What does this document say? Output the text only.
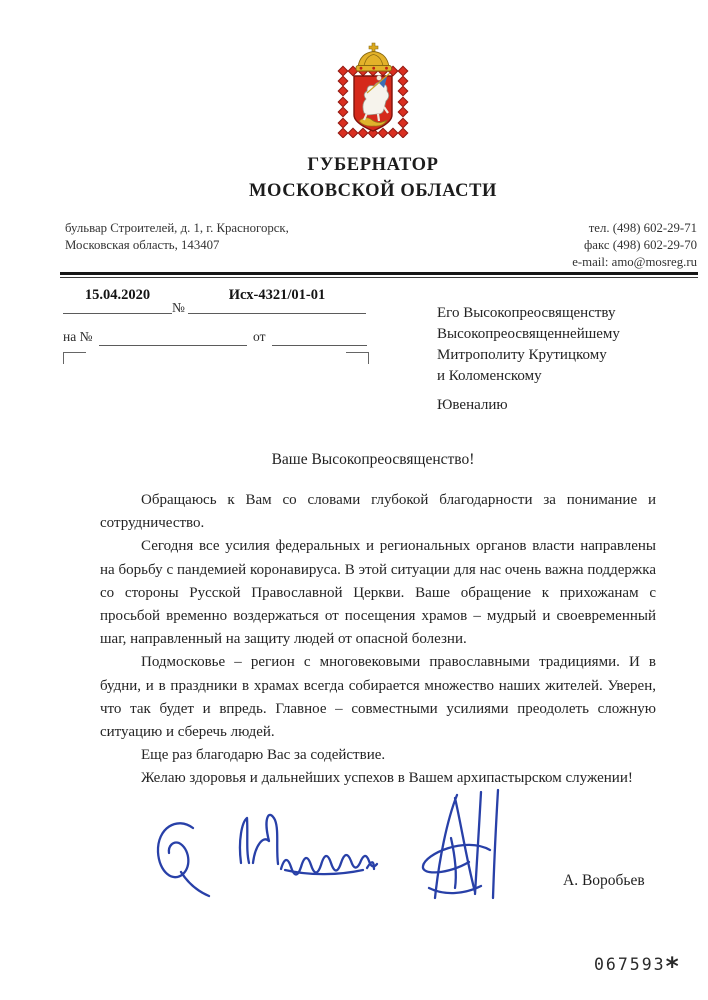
ГУБЕРНАТОР
МОСКОВСКОЙ ОБЛАСТИ
бульвар Строителей, д. 1, г. Красногорск,
Московская область, 143407
тел. (498) 602-29-71
факс (498) 602-29-70
e-mail: amo@mosreg.ru
15.04.2020	Исх-4321/01-01
№
на №	от
Его Высокопреосвященству
Высокопреосвященнейшему
Митрополиту Крутицкому
и Коломенскому
Ювеналию
Ваше Высокопреосвященство!

Обращаюсь к Вам со словами глубокой благодарности за понимание и сотрудничество.

Сегодня все усилия федеральных и региональных органов власти направлены на борьбу с пандемией коронавируса. В этой ситуации для нас очень важна поддержка со стороны Русской Православной Церкви. Ваше обращение к прихожанам с просьбой временно воздержаться от посещения храмов – мудрый и своевременный шаг, направленный на защиту людей от опасной болезни.

Подмосковье – регион с многовековыми православными традициями. И в будни, и в праздники в храмах всегда собирается множество наших жителей. Уверен, что так будет и впредь. Главное – совместными усилиями преодолеть сложную ситуацию и сберечь людей.

Еще раз благодарю Вас за содействие.

Желаю здоровья и дальнейших успехов в Вашем архипастырском служении!

А. Воробьев
067593*
